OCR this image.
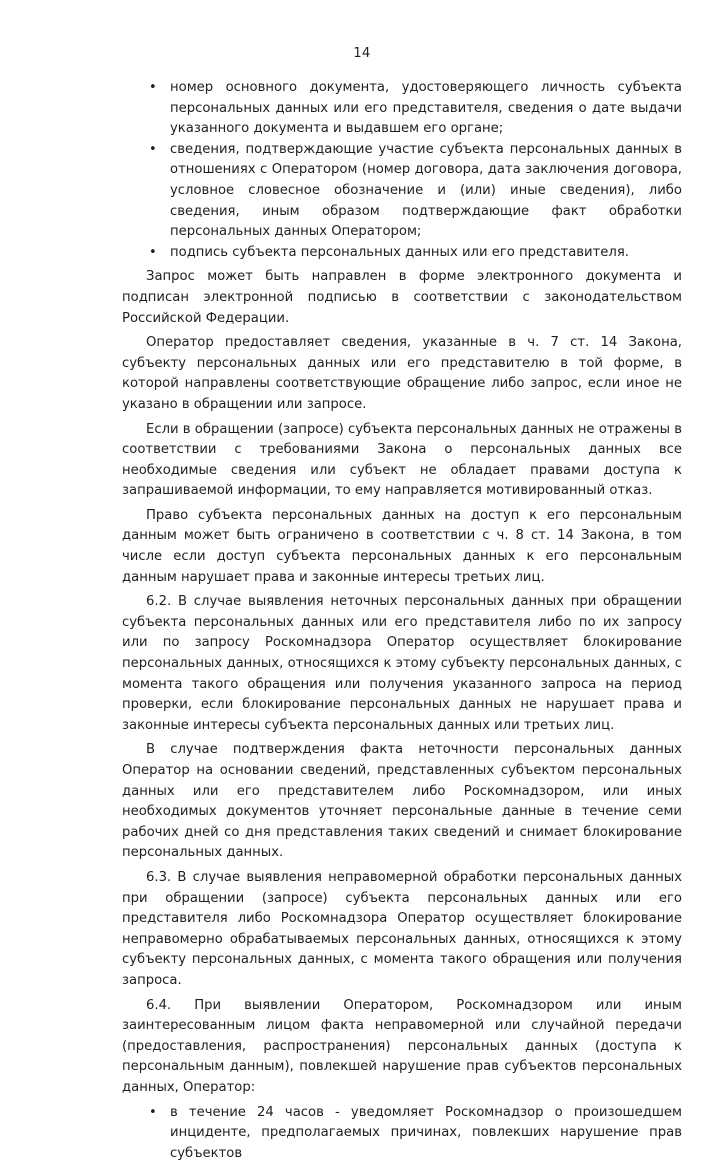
14
• номер основного документа, удостоверяющего личность субъекта персональных данных или его представителя, сведения о дате выдачи указанного документа и выдавшем его органе;
• сведения, подтверждающие участие субъекта персональных данных в отношениях с Оператором (номер договора, дата заключения договора, условное словесное обозначение и (или) иные сведения), либо сведения, иным образом подтверждающие факт обработки персональных данных Оператором;
• подпись субъекта персональных данных или его представителя.

Запрос может быть направлен в форме электронного документа и подписан электронной подписью в соответствии с законодательством Российской Федерации.

Оператор предоставляет сведения, указанные в ч. 7 ст. 14 Закона, субъекту персональных данных или его представителю в той форме, в которой направлены соответствующие обращение либо запрос, если иное не указано в обращении или запросе.

Если в обращении (запросе) субъекта персональных данных не отражены в соответствии с требованиями Закона о персональных данных все необходимые сведения или субъект не обладает правами доступа к запрашиваемой информации, то ему направляется мотивированный отказ.

Право субъекта персональных данных на доступ к его персональным данным может быть ограничено в соответствии с ч. 8 ст. 14 Закона, в том числе если доступ субъекта персональных данных к его персональным данным нарушает права и законные интересы третьих лиц.

6.2. В случае выявления неточных персональных данных при обращении субъекта персональных данных или его представителя либо по их запросу или по запросу Роскомнадзора Оператор осуществляет блокирование персональных данных, относящихся к этому субъекту персональных данных, с момента такого обращения или получения указанного запроса на период проверки, если блокирование персональных данных не нарушает права и законные интересы субъекта персональных данных или третьих лиц.

В случае подтверждения факта неточности персональных данных Оператор на основании сведений, представленных субъектом персональных данных или его представителем либо Роскомнадзором, или иных необходимых документов уточняет персональные данные в течение семи рабочих дней со дня представления таких сведений и снимает блокирование персональных данных.

6.3. В случае выявления неправомерной обработки персональных данных при обращении (запросе) субъекта персональных данных или его представителя либо Роскомнадзора Оператор осуществляет блокирование неправомерно обрабатываемых персональных данных, относящихся к этому субъекту персональных данных, с момента такого обращения или получения запроса.

6.4. При выявлении Оператором, Роскомнадзором или иным заинтересованным лицом факта неправомерной или случайной передачи (предоставления, распространения) персональных данных (доступа к персональным данным), повлекшей нарушение прав субъектов персональных данных, Оператор:

• в течение 24 часов - уведомляет Роскомнадзор о произошедшем инциденте, предполагаемых причинах, повлекших нарушение прав субъектов
